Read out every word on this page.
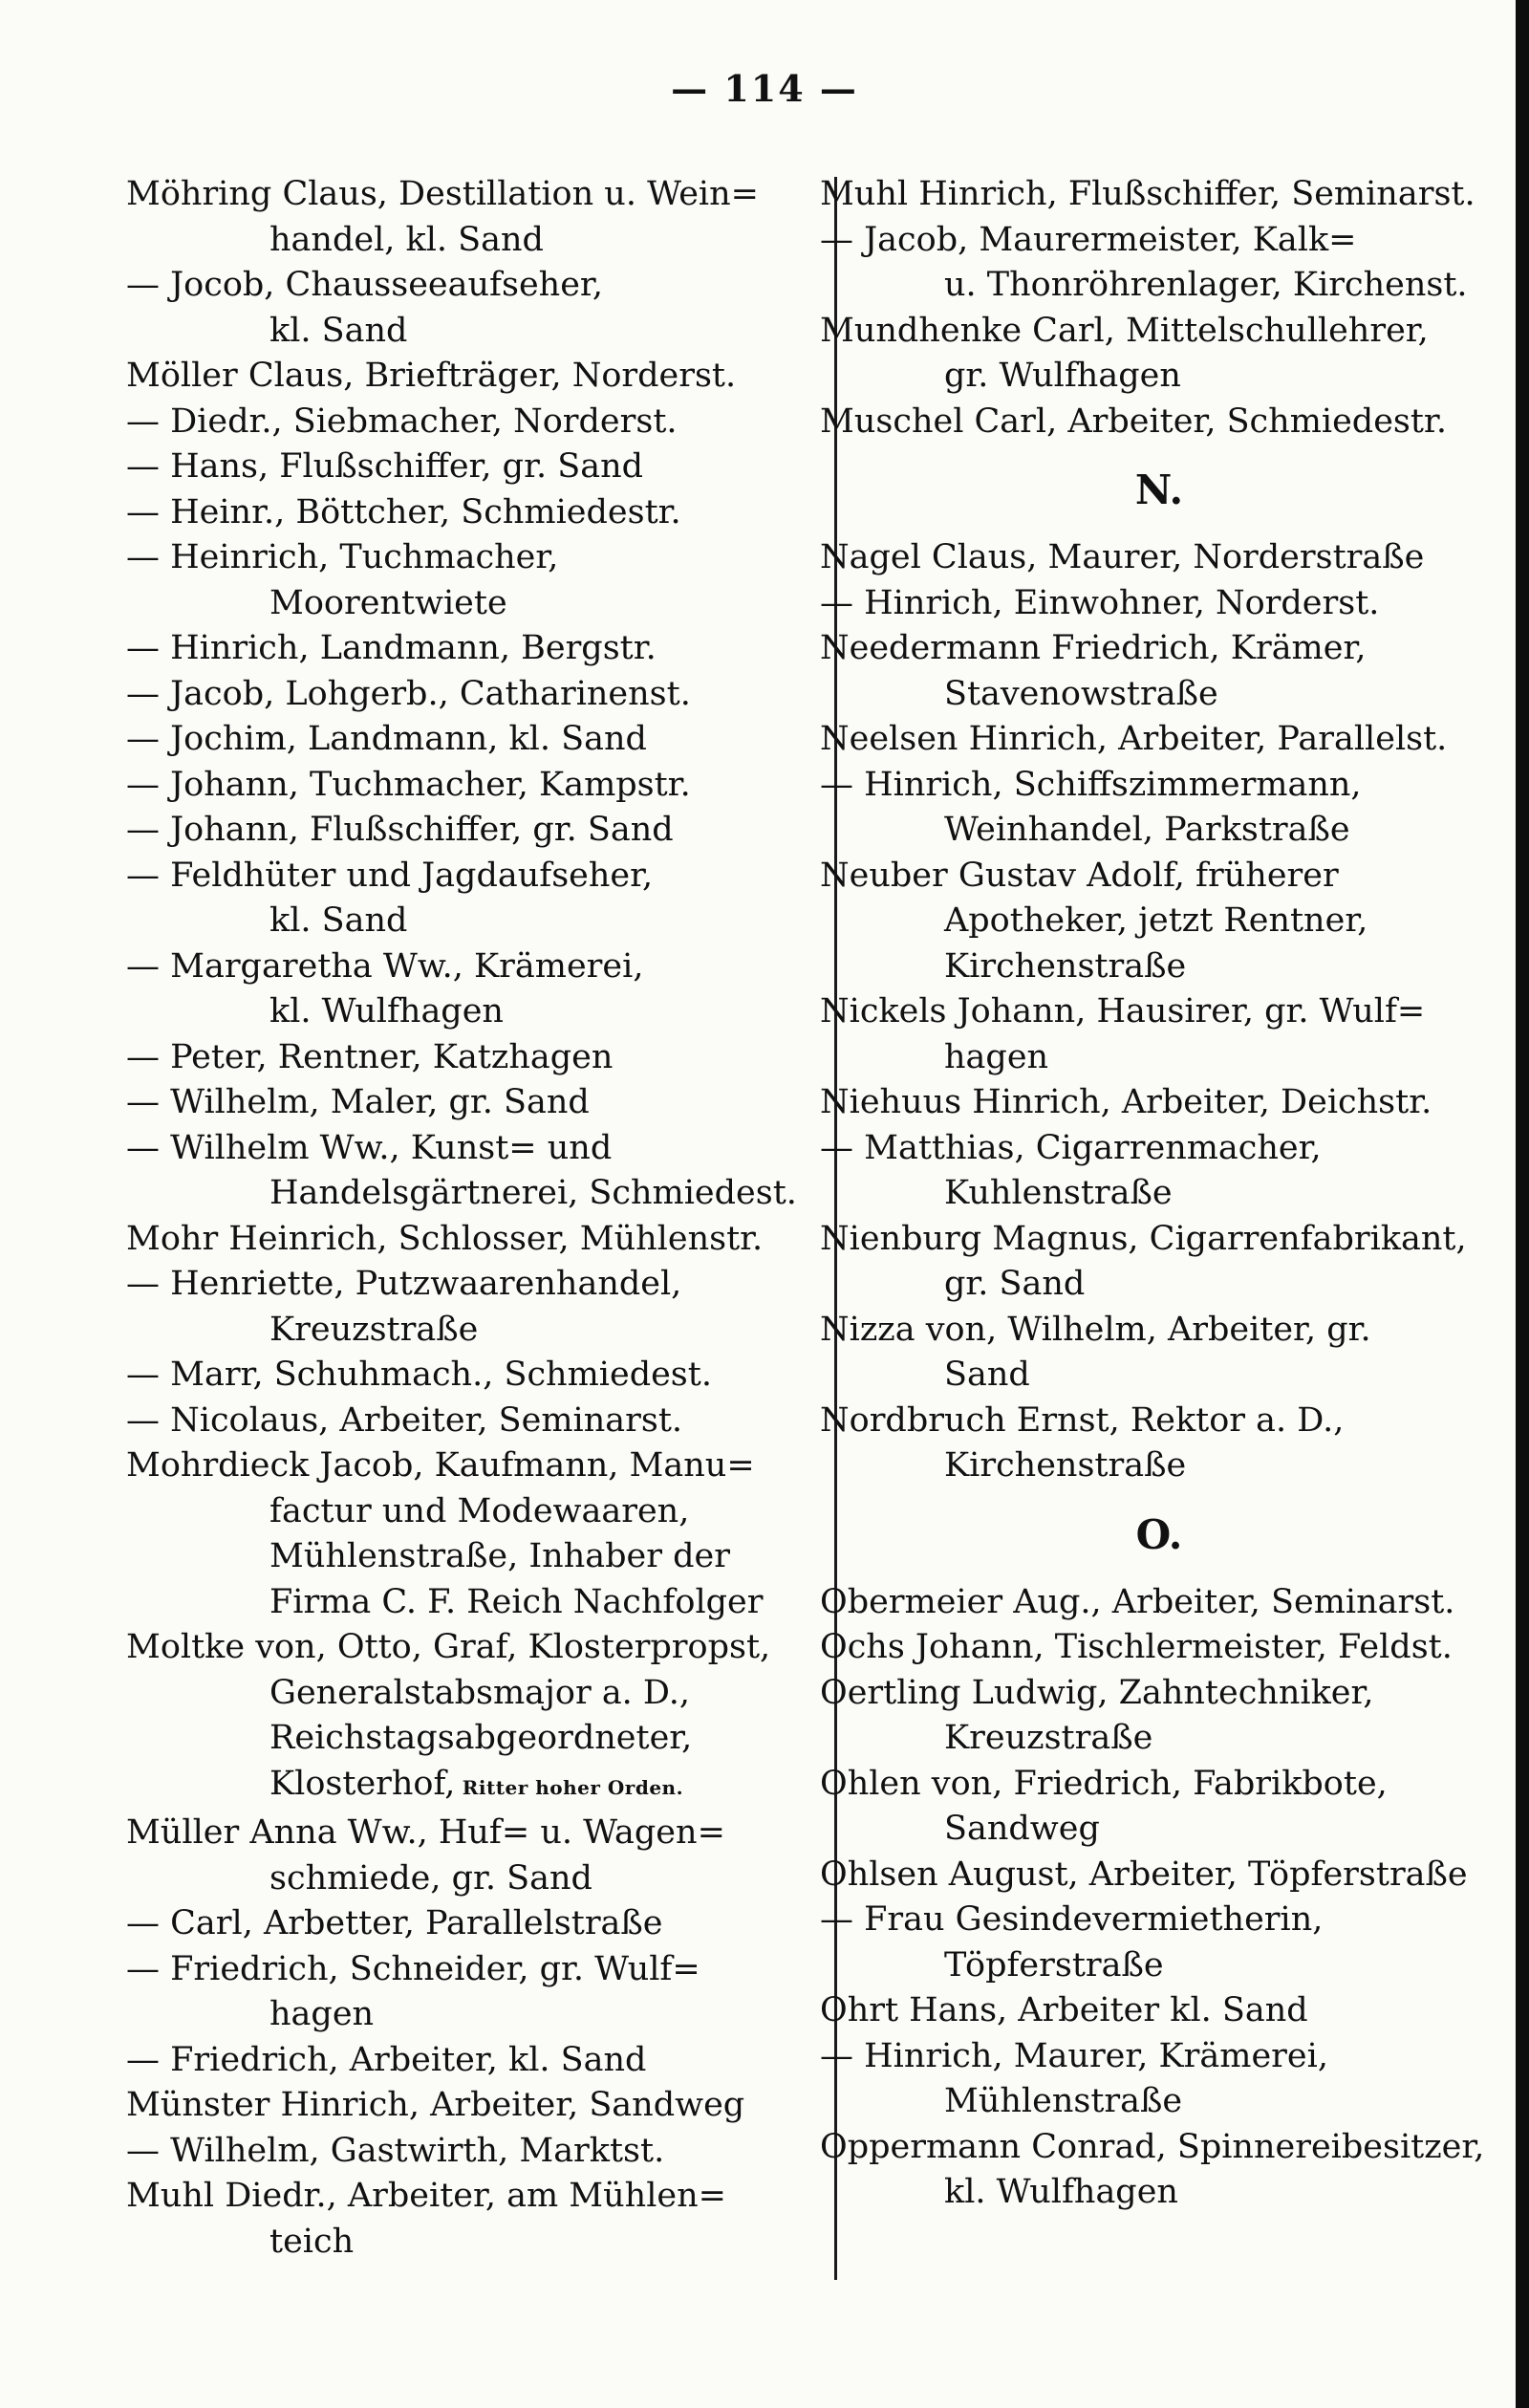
— 114 —
Möhring Claus, Destillation u. Wein=
handel, kl. Sand
— Jocob, Chausseeaufseher,
kl. Sand
Möller Claus, Briefträger, Norderst.
— Diedr., Siebmacher, Norderst.
— Hans, Flußschiffer, gr. Sand
— Heinr., Böttcher, Schmiedestr.
— Heinrich, Tuchmacher,
Moorentwiete
— Hinrich, Landmann, Bergstr.
— Jacob, Lohgerb., Catharinenst.
— Jochim, Landmann, kl. Sand
— Johann, Tuchmacher, Kampstr.
— Johann, Flußschiffer, gr. Sand
— Feldhüter und Jagdaufseher,
kl. Sand
— Margaretha Ww., Krämerei,
kl. Wulfhagen
— Peter, Rentner, Katzhagen
— Wilhelm, Maler, gr. Sand
— Wilhelm Ww., Kunst= und
Handelsgärtnerei, Schmiedest.
Mohr Heinrich, Schlosser, Mühlenstr.
— Henriette, Putzwaarenhandel,
Kreuzstraße
— Marr, Schuhmach., Schmiedest.
— Nicolaus, Arbeiter, Seminarst.
Mohrdieck Jacob, Kaufmann, Manu=
factur und Modewaaren,
Mühlenstraße, Inhaber der
Firma C. F. Reich Nachfolger
Moltke von, Otto, Graf, Klosterpropst,
Generalstabsmajor a. D.,
Reichstagsabgeordneter,
Klosterhof, Ritter hoher Orden.
Müller Anna Ww., Huf= u. Wagen=
schmiede, gr. Sand
— Carl, Arbetter, Parallelstraße
— Friedrich, Schneider, gr. Wulf=
hagen
— Friedrich, Arbeiter, kl. Sand
Münster Hinrich, Arbeiter, Sandweg
— Wilhelm, Gastwirth, Marktst.
Muhl Diedr., Arbeiter, am Mühlen=
teich
Muhl Hinrich, Flußschiffer, Seminarst.
— Jacob, Maurermeister, Kalk=
u. Thonröhrenlager, Kirchenst.
Mundhenke Carl, Mittelschullehrer,
gr. Wulfhagen
Muschel Carl, Arbeiter, Schmiedestr.
N.
Nagel Claus, Maurer, Norderstraße
— Hinrich, Einwohner, Norderst.
Needermann Friedrich, Krämer,
Stavenowstraße
Neelsen Hinrich, Arbeiter, Parallelst.
— Hinrich, Schiffszimmermann,
Weinhandel, Parkstraße
Neuber Gustav Adolf, früherer
Apotheker, jetzt Rentner,
Kirchenstraße
Nickels Johann, Hausirer, gr. Wulf=
hagen
Niehuus Hinrich, Arbeiter, Deichstr.
— Matthias, Cigarrenmacher,
Kuhlenstraße
Nienburg Magnus, Cigarrenfabrikant,
gr. Sand
Nizza von, Wilhelm, Arbeiter, gr.
Sand
Nordbruch Ernst, Rektor a. D.,
Kirchenstraße
O.
Obermeier Aug., Arbeiter, Seminarst.
Ochs Johann, Tischlermeister, Feldst.
Oertling Ludwig, Zahntechniker,
Kreuzstraße
Ohlen von, Friedrich, Fabrikbote,
Sandweg
Ohlsen August, Arbeiter, Töpferstraße
— Frau Gesindevermietherin,
Töpferstraße
Ohrt Hans, Arbeiter kl. Sand
— Hinrich, Maurer, Krämerei,
Mühlenstraße
Oppermann Conrad, Spinnereibesitzer,
kl. Wulfhagen
